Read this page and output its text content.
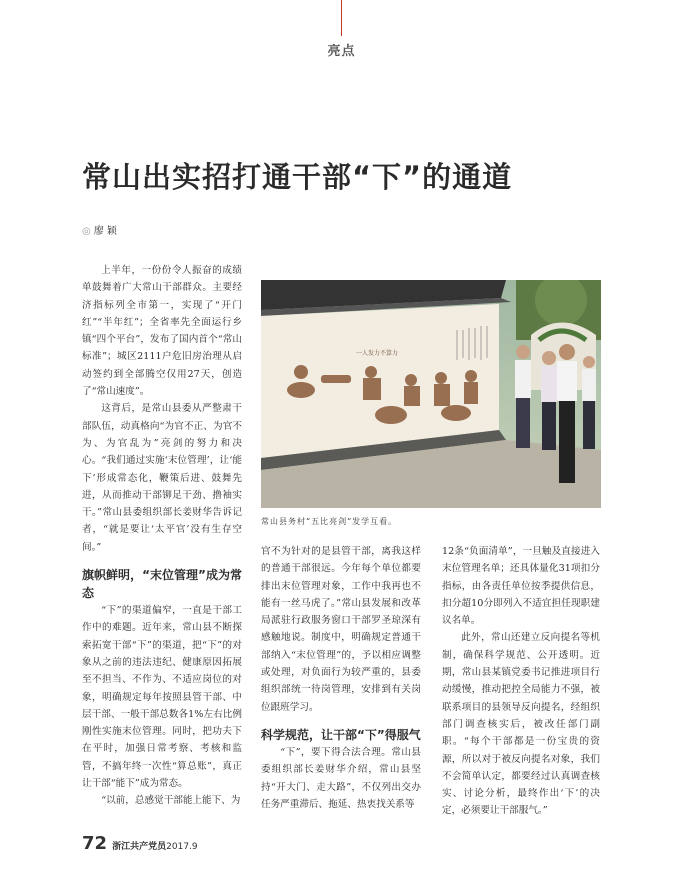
亮点
常山出实招打通干部“下”的通道
◎ 廖 颖

上半年，一份份令人振奋的成绩单鼓舞着广大常山干部群众。主要经济指标列全市第一，实现了“开门红”“半年红”；全省率先全面运行乡镇“四个平台”，发布了国内首个“常山标准”；城区2111户危旧房治理从启动签约到全部腾空仅用27天，创造了“常山速度”。

这背后，是常山县委从严整肃干部队伍，动真格向“为官不正、为官不为、为官乱为”亮剑的努力和决心。“我们通过实施‘末位管理’，让‘能下’形成常态化，鞭策后进、鼓舞先进，从而推动干部铆足干劲、撸袖实干。”常山县委组织部长姜财华告诉记者，“就是要让‘太平官’没有生存空间。”

旗帜鲜明，“末位管理”成为常态

“下”的渠道偏窄，一直是干部工作中的难题。近年来，常山县不断探索拓宽干部“下”的渠道，把“下”的对象从之前的违法违纪、健康原因拓展至不担当、不作为、不适应岗位的对象，明确规定每年按照县管干部、中层干部、一般干部总数各1%左右比例刚性实施末位管理。同时，把功夫下在平时，加强日常考察、考核和监管，不搞年终一次性“算总账”，真正让干部“能下”成为常态。

“以前，总感觉干部能上能下、为

一人发力不算力
常山县务村“五比亮剑”发学互看。

官不为针对的是县管干部，离我这样的普通干部很远。今年每个单位都要排出末位管理对象，工作中我再也不能有一丝马虎了。”常山县发展和改革局派驻行政服务窗口干部罗圣琼深有感触地说。制度中，明确规定普通干部纳入“末位管理”的，予以相应调整或处理，对负面行为较严重的，县委组织部统一待岗管理，安排到有关岗位跟班学习。

科学规范，让干部“下”得服气

“下”，要下得合法合理。常山县委组织部长姜财华介绍，常山县坚持“开大门、走大路”，不仅列出交办任务严重滞后、拖延、热衷找关系等

12条“负面清单”，一旦触及直接进入末位管理名单；还具体量化31项扣分指标，由各责任单位按季提供信息，扣分超10分即列入不适宜担任现职建议名单。

此外，常山还建立反向提名等机制，确保科学规范、公开透明。近期，常山县某镇党委书记推进项目行动缓慢，推动把控全局能力不强，被联系项目的县领导反向提名，经组织部门调查核实后，被改任部门副职。“每个干部都是一份宝贵的资源，所以对于被反向提名对象，我们不会简单认定，都要经过认真调查核实、讨论分析，最终作出‘下’的决定，必须要让干部服气。”

72 浙江共产党员2017.9
